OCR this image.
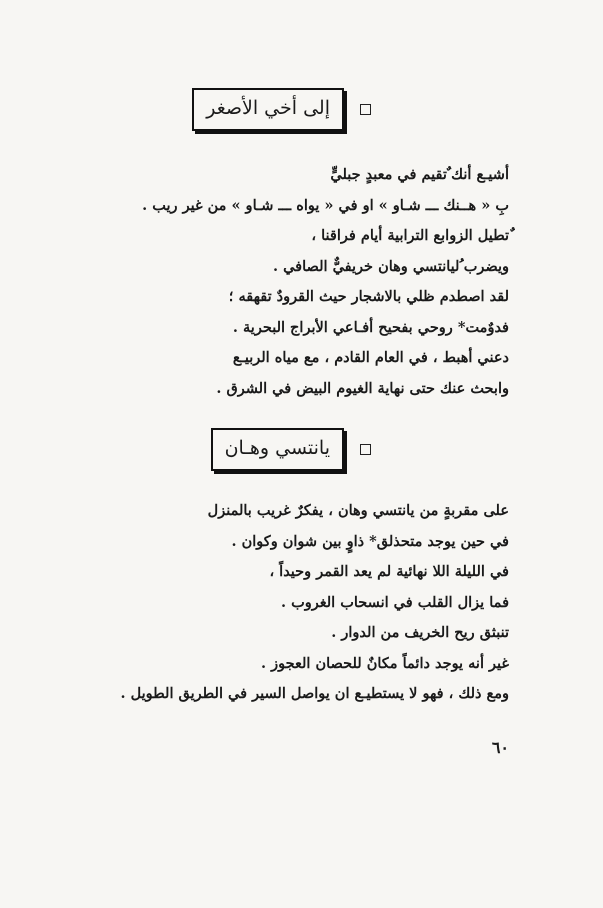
إلى أخي الأصغر
أشيـع أنك ٌتقيم في معبدٍ جبليٍّ
بِ « هــنك ـــ شـاو » او في « يواه ـــ شـاو » من غير ريب .
ٌتطيل الزوابع الترابية أيام فراقنا ،
ويضرب ُليانتسي وهان خريفيٌّ الصافي .
لقد اصطدم ظلي بالاشجار حيث القرودٌ تقهقه ؛
فدوٌمت* روحي بفحيح أفـاعي الأبراج البحرية .
دعني أهبط ، في العام القادم ، مع مياه الربيـع
وابحث عنك حتى نهاية الغيوم البيض في الشرق .
يانتسي وهـان
على مقربةٍ من يانتسي وهان ، يفكرٌ غريب بالمنزل
في حين يوجد متحذلق* ذاوٍ بين شوان وكوان .
في الليلة اللا نهائية لم يعد القمر وحيداً ،
فما يزال القلب في انسحاب الغروب .
تنبثق ريح الخريف من الدوار .
غير أنه يوجد دائماً مكانٌ للحصان العجوز .
ومع ذلك ، فهو لا يستطيـع ان يواصل السير في الطريق الطويل .
٦٠
